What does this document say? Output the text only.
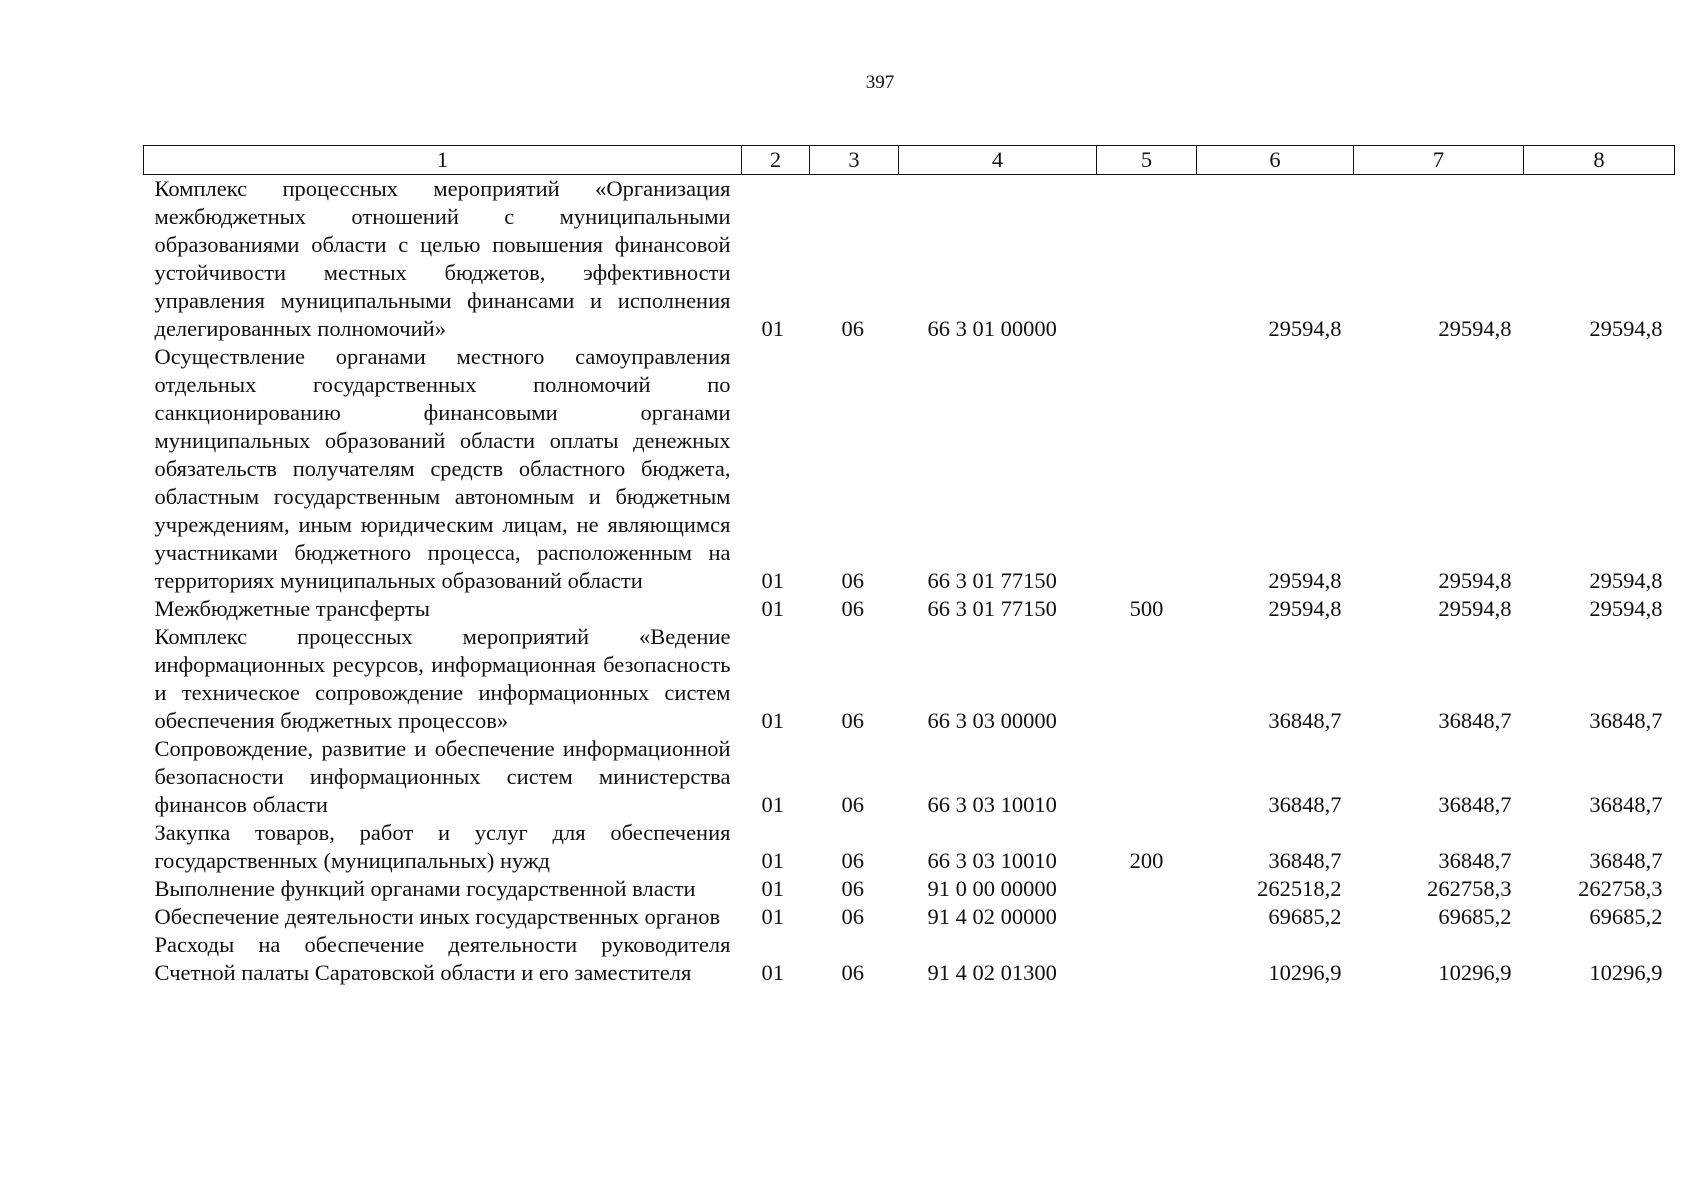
397
1	2	3	4	5	6	7	8
Комплекс процессных мероприятий «Организация межбюджетных отношений с муниципальными образованиями области с целью повышения финансовой устойчивости местных бюджетов, эффективности управления муниципальными финансами и исполнения делегированных полномочий»	01	06	66 3 01 00000		29594,8	29594,8	29594,8
Осуществление органами местного самоуправления отдельных государственных полномочий по санкционированию финансовыми органами муниципальных образований области оплаты денежных обязательств получателям средств областного бюджета, областным государственным автономным и бюджетным учреждениям, иным юридическим лицам, не являющимся участниками бюджетного процесса, расположенным на территориях муниципальных образований области	01	06	66 3 01 77150		29594,8	29594,8	29594,8
Межбюджетные трансферты	01	06	66 3 01 77150	500	29594,8	29594,8	29594,8
Комплекс процессных мероприятий «Ведение информационных ресурсов, информационная безопасность и техническое сопровождение информационных систем обеспечения бюджетных процессов»	01	06	66 3 03 00000		36848,7	36848,7	36848,7
Сопровождение, развитие и обеспечение информационной безопасности информационных систем министерства финансов области	01	06	66 3 03 10010		36848,7	36848,7	36848,7
Закупка товаров, работ и услуг для обеспечения государственных (муниципальных) нужд	01	06	66 3 03 10010	200	36848,7	36848,7	36848,7
Выполнение функций органами государственной власти	01	06	91 0 00 00000		262518,2	262758,3	262758,3
Обеспечение деятельности иных государственных органов	01	06	91 4 02 00000		69685,2	69685,2	69685,2
Расходы на обеспечение деятельности руководителя Счетной палаты Саратовской области и его заместителя	01	06	91 4 02 01300		10296,9	10296,9	10296,9
